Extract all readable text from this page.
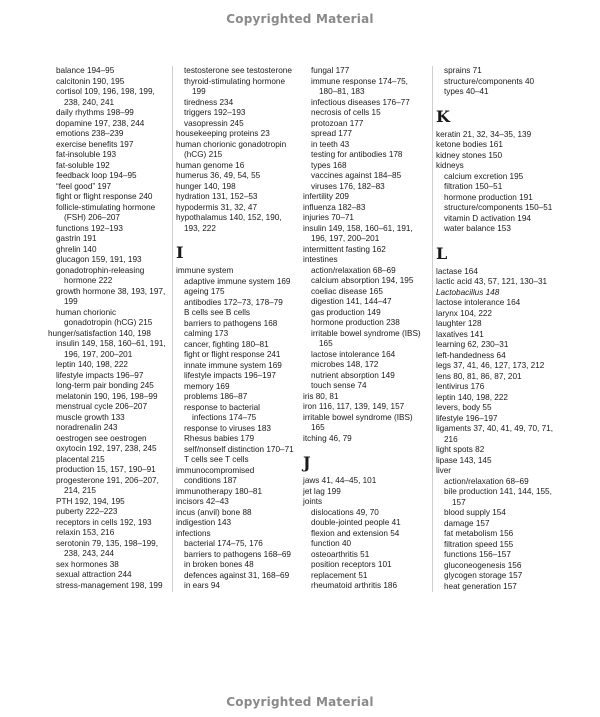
Copyrighted Material
balance 194–95
calcitonin 190, 195
cortisol 109, 196, 198, 199,
238, 240, 241
daily rhythms 198–99
dopamine 197, 238, 244
emotions 238–239
exercise benefits 197
fat-insoluble 193
fat-soluble 192
feedback loop 194–95
“feel good” 197
fight or flight response 240
follicle-stimulating hormone
(FSH) 206–207
functions 192–193
gastrin 191
ghrelin 140
glucagon 159, 191, 193
gonadotrophin-releasing
hormone 222
growth hormone 38, 193, 197,
199
human chorionic
gonadotropin (hCG) 215
hunger/satisfaction 140, 198
insulin 149, 158, 160–61, 191,
196, 197, 200–201
leptin 140, 198, 222
lifestyle impacts 196–97
long-term pair bonding 245
melatonin 190, 196, 198–99
menstrual cycle 206–207
muscle growth 133
noradrenalin 243
oestrogen see oestrogen
oxytocin 192, 197, 238, 245
placental 215
production 15, 157, 190–91
progesterone 191, 206–207,
214, 215
PTH 192, 194, 195
puberty 222–223
receptors in cells 192, 193
relaxin 153, 216
serotonin 79, 135, 198–199,
238, 243, 244
sex hormones 38
sexual attraction 244
stress-management 198, 199
testosterone see testosterone
thyroid-stimulating hormone
199
tiredness 234
triggers 192–193
vasopressin 245
housekeeping proteins 23
human chorionic gonadotropin
(hCG) 215
human genome 16
humerus 36, 49, 54, 55
hunger 140, 198
hydration 131, 152–53
hypodermis 31, 32, 47
hypothalamus 140, 152, 190,
193, 222
I
immune system
adaptive immune system 169
ageing 175
antibodies 172–73, 178–79
B cells see B cells
barriers to pathogens 168
calming 173
cancer, fighting 180–81
fight or flight response 241
innate immune system 169
lifestyle impacts 196–197
memory 169
problems 186–87
response to bacterial
infections 174–75
response to viruses 183
Rhesus babies 179
self/nonself distinction 170–71
T cells see T cells
immunocompromised
conditions 187
immunotherapy 180–81
incisors 42–43
incus (anvil) bone 88
indigestion 143
infections
bacterial 174–75, 176
barriers to pathogens 168–69
in broken bones 48
defences against 31, 168–69
in ears 94
fungal 177
immune response 174–75,
180–81, 183
infectious diseases 176–77
necrosis of cells 15
protozoan 177
spread 177
in teeth 43
testing for antibodies 178
types 168
vaccines against 184–85
viruses 176, 182–83
infertility 209
influenza 182–83
injuries 70–71
insulin 149, 158, 160–61, 191,
196, 197, 200–201
intermittent fasting 162
intestines
action/relaxation 68–69
calcium absorption 194, 195
coeliac disease 165
digestion 141, 144–47
gas production 149
hormone production 238
irritable bowel syndrome (IBS)
165
lactose intolerance 164
microbes 148, 172
nutrient absorption 149
touch sense 74
iris 80, 81
iron 116, 117, 139, 149, 157
irritable bowel syndrome (IBS)
165
itching 46, 79
J
jaws 41, 44–45, 101
jet lag 199
joints
dislocations 49, 70
double-jointed people 41
flexion and extension 54
function 40
osteoarthritis 51
position receptors 101
replacement 51
rheumatoid arthritis 186
sprains 71
structure/components 40
types 40–41
K
keratin 21, 32, 34–35, 139
ketone bodies 161
kidney stones 150
kidneys
calcium excretion 195
filtration 150–51
hormone production 191
structure/components 150–51
vitamin D activation 194
water balance 153
L
lactase 164
lactic acid 43, 57, 121, 130–31
Lactobacillus 148
lactose intolerance 164
larynx 104, 222
laughter 128
laxatives 141
learning 62, 230–31
left-handedness 64
legs 37, 41, 46, 127, 173, 212
lens 80, 81, 86, 87, 201
lentivirus 176
leptin 140, 198, 222
levers, body 55
lifestyle 196–197
ligaments 37, 40, 41, 49, 70, 71,
216
light spots 82
lipase 143, 145
liver
action/relaxation 68–69
bile production 141, 144, 155,
157
blood supply 154
damage 157
fat metabolism 156
filtration speed 155
functions 156–157
gluconeogenesis 156
glycogen storage 157
heat generation 157
Copyrighted Material
